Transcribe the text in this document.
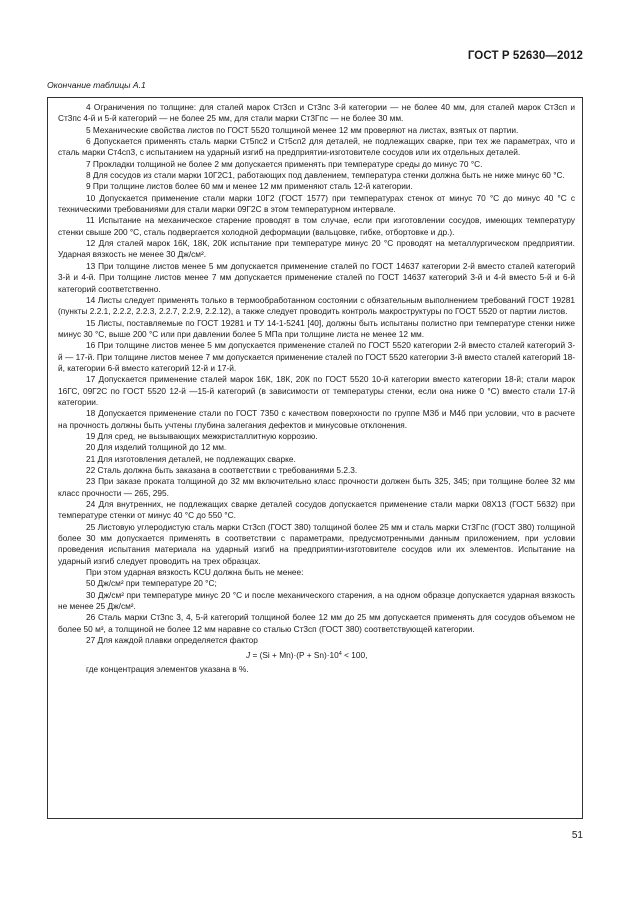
ГОСТ Р 52630—2012
Окончание таблицы А.1

4 Ограничения по толщине: для сталей марок Ст3сп и Ст3пс 3-й категории — не более 40 мм, для сталей марок Ст3сп и Ст3пс 4-й и 5-й категорий — не более 25 мм, для стали марки Ст3Гпс — не более 30 мм.

5 Механические свойства листов по ГОСТ 5520 толщиной менее 12 мм проверяют на листах, взятых от партии.

6 Допускается применять сталь марки Ст5пс2 и Ст5сп2 для деталей, не подлежащих сварке, при тех же параметрах, что и сталь марки Ст4сп3, с испытанием на ударный изгиб на предприятии-изготовителе сосудов или их отдельных деталей.

7 Прокладки толщиной не более 2 мм допускается применять при температуре среды до минус 70 °С.

8 Для сосудов из стали марки 10Г2С1, работающих под давлением, температура стенки должна быть не ниже минус 60 °С.

9 При толщине листов более 60 мм и менее 12 мм применяют сталь 12-й категории.

10 Допускается применение стали марки 10Г2 (ГОСТ 1577) при температурах стенок от минус 70 °С до минус 40 °С с техническими требованиями для стали марки 09Г2С в этом температурном интервале.

11 Испытание на механическое старение проводят в том случае, если при изготовлении сосудов, имеющих температуру стенки свыше 200 °С, сталь подвергается холодной деформации (вальцовке, гибке, отбортовке и др.).

12 Для сталей марок 16К, 18К, 20К испытание при температуре минус 20 °С проводят на металлургическом предприятии. Ударная вязкость не менее 30 Дж/см².

13 При толщине листов менее 5 мм допускается применение сталей по ГОСТ 14637 категории 2-й вместо сталей категорий 3-й и 4-й. При толщине листов менее 7 мм допускается применение сталей по ГОСТ 14637 категорий 3-й и 4-й вместо 5-й и 6-й категорий соответственно.

14 Листы следует применять только в термообработанном состоянии с обязательным выполнением требований ГОСТ 19281 (пункты 2.2.1, 2.2.2, 2.2.3, 2.2.7, 2.2.9, 2.2.12), а также следует проводить контроль макроструктуры по ГОСТ 5520 от партии листов.

15 Листы, поставляемые по ГОСТ 19281 и ТУ 14-1-5241 [40], должны быть испытаны полистно при температуре стенки ниже минус 30 °С, выше 200 °С или при давлении более 5 МПа при толщине листа не менее 12 мм.

16 При толщине листов менее 5 мм допускается применение сталей по ГОСТ 5520 категории 2-й вместо сталей категорий 3-й — 17-й. При толщине листов менее 7 мм допускается применение сталей по ГОСТ 5520 категории 3-й вместо сталей категорий 18-й, категории 6-й вместо категорий 12-й и 17-й.

17 Допускается применение сталей марок 16К, 18К, 20К по ГОСТ 5520 10-й категории вместо категории 18-й; стали марок 16ГС, 09Г2С по ГОСТ 5520 12-й —15-й категорий (в зависимости от температуры стенки, если она ниже 0 °С) вместо стали 17-й категории.

18 Допускается применение стали по ГОСТ 7350 с качеством поверхности по группе М3б и М4б при условии, что в расчете на прочность должны быть учтены глубина залегания дефектов и минусовые отклонения.

19 Для сред, не вызывающих межкристаллитную коррозию.

20 Для изделий толщиной до 12 мм.

21 Для изготовления деталей, не подлежащих сварке.

22 Сталь должна быть заказана в соответствии с требованиями 5.2.3.

23 При заказе проката толщиной до 32 мм включительно класс прочности должен быть 325, 345; при толщине более 32 мм класс прочности — 265, 295.

24 Для внутренних, не подлежащих сварке деталей сосудов допускается применение стали марки 08Х13 (ГОСТ 5632) при температуре стенки от минус 40 °С до 550 °С.

25 Листовую углеродистую сталь марки Ст3сп (ГОСТ 380) толщиной более 25 мм и сталь марки Ст3Гпс (ГОСТ 380) толщиной более 30 мм допускается применять в соответствии с параметрами, предусмотренными данным приложением, при условии проведения испытания материала на ударный изгиб на предприятии-изготовителе сосудов или их элементов. Испытание на ударный изгиб следует проводить на трех образцах.

При этом ударная вязкость KCU должна быть не менее:

50 Дж/см² при температуре 20 °С;

30 Дж/см² при температуре минус 20 °С и после механического старения, а на одном образце допускается ударная вязкость не менее 25 Дж/см².

26 Сталь марки Ст3пс 3, 4, 5-й категорий толщиной более 12 мм до 25 мм допускается применять для сосудов объемом не более 50 м³, а толщиной не более 12 мм наравне со сталью Ст3сп (ГОСТ 380) соответствующей категории.

27 Для каждой плавки определяется фактор

$J = (Si + Mn)\cdot(P + Sn)\cdot 10^4 < 100$,

где концентрация элементов указана в %.

51
